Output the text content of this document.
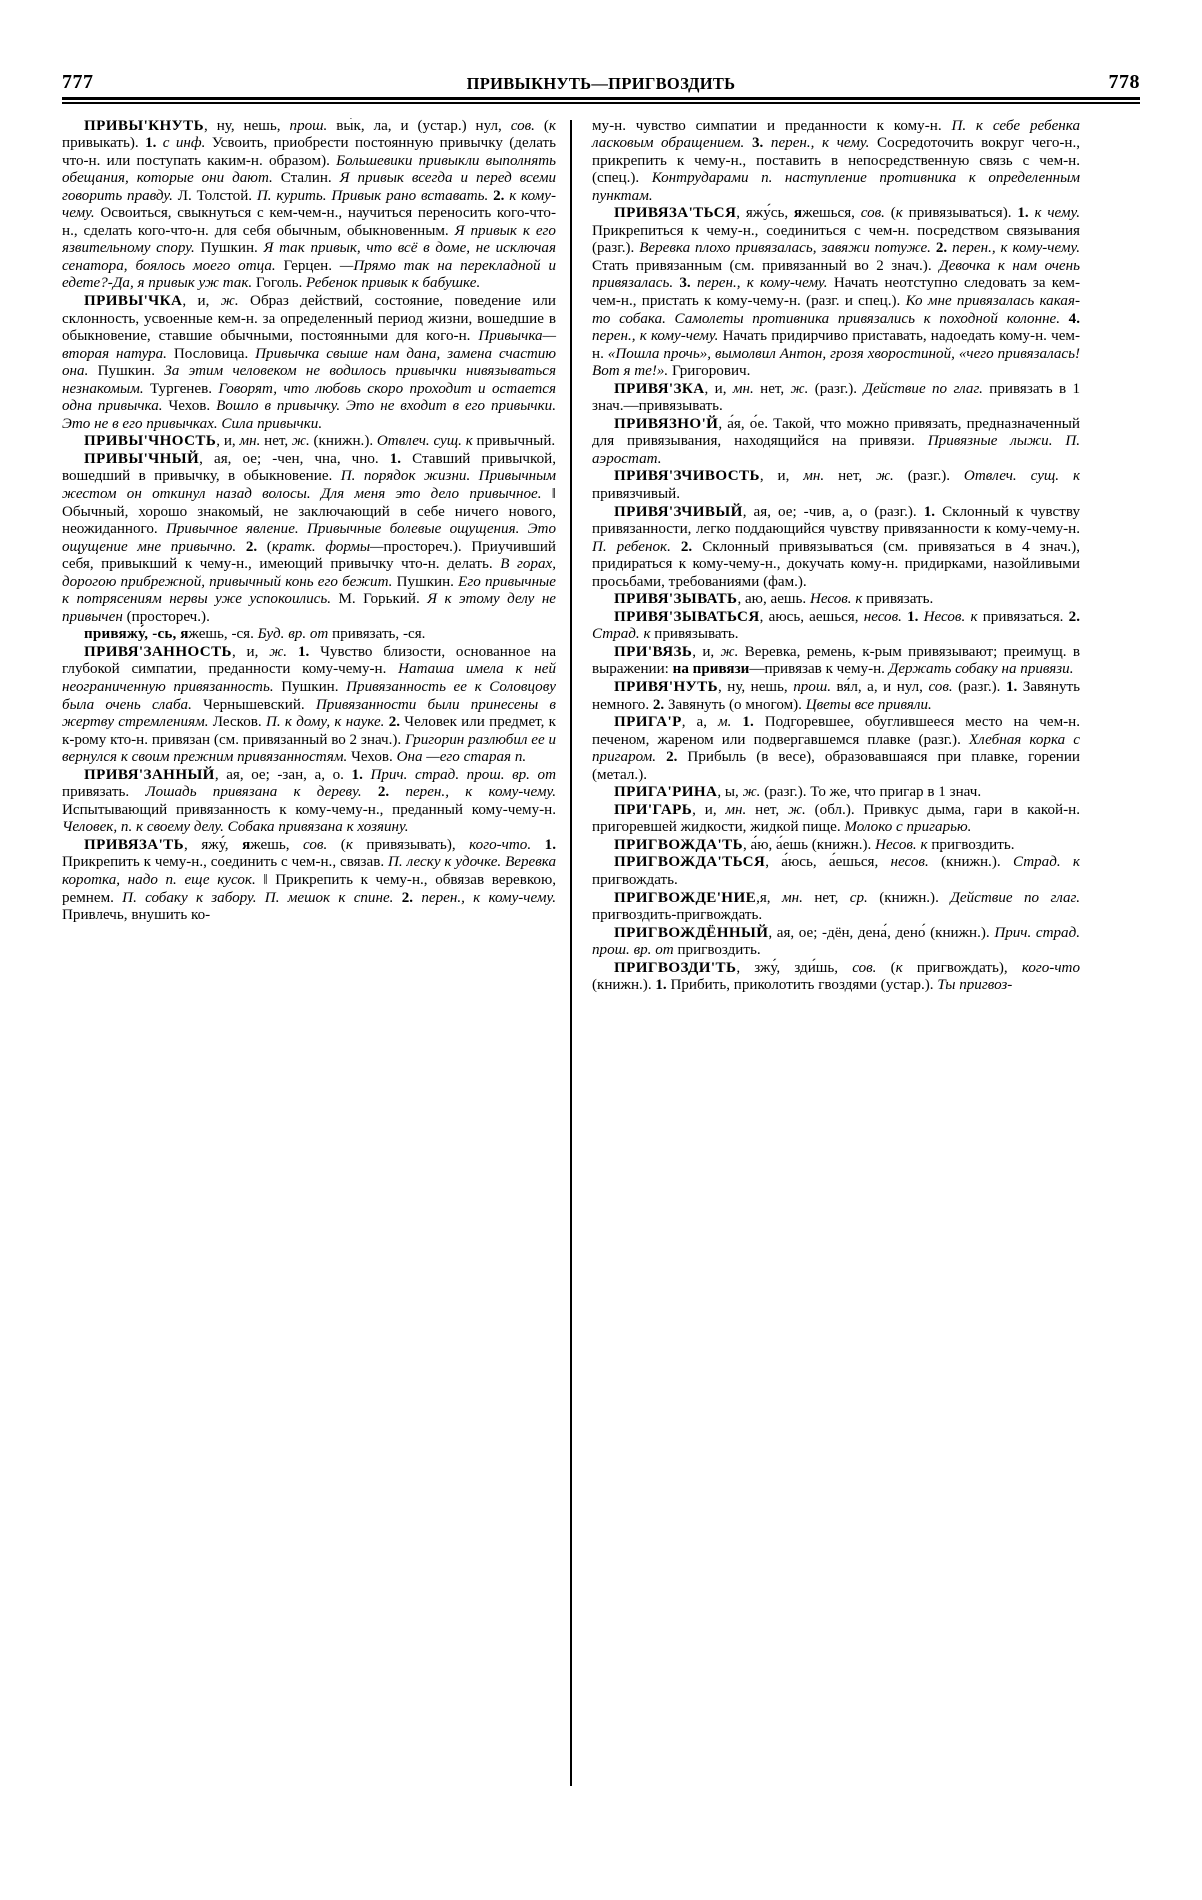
777	ПРИВЫКНУТЬ—ПРИГВОЗДИТЬ	778

ПРИВЫ'КНУТЬ, ну, нешь, прош. вы́к, ла, и (устар.) нул, сов. (к привыкать). 1. с инф. Усвоить, приобрести постоянную привычку (делать что-н. или поступать каким-н. образом). Большевики привыкли выполнять обещания, которые они дают. Сталин. Я привык всегда и перед всеми говорить правду. Л. Толстой. П. курить. Привык рано вставать. 2. к кому-чему. Освоиться, свыкнуться с кем-чем-н., научиться переносить кого-что-н., сделать кого-что-н. для себя обычным, обыкновенным. Я привык к его язвительному спору. Пушкин. Я так привык, что всё в доме, не исключая сенатора, боялось моего отца. Герцен. —Прямо так на перекладной и едете?-Да, я привык уж так. Гоголь. Ребенок привык к бабушке.

ПРИВЫ'ЧКА, и, ж. Образ действий, состояние, поведение или склонность, усвоенные кем-н. за определенный период жизни, вошедшие в обыкновение, ставшие обычными, постоянными для кого-н. Привычка—вторая натура. Пословица. Привычка свыше нам дана, замена счастию она. Пушкин. За этим человеком не водилось привычки нивязываться незнакомым. Тургенев. Говорят, что любовь скоро проходит и остается одна привычка. Чехов. Вошло в привычку. Это не входит в его привычки. Это не в его привычках. Сила привычки.

ПРИВЫ'ЧНОСТЬ, и, мн. нет, ж. (книжн.). Отвлеч. сущ. к привычный.

ПРИВЫ'ЧНЫЙ, ая, ое; -чен, чна, чно. 1. Ставший привычкой, вошедший в привычку, в обыкновение. П. порядок жизни. Привычным жестом он откинул назад волосы. Для меня это дело привычное. ‖ Обычный, хорошо знакомый, не заключающий в себе ничего нового, неожиданного. Привычное явление. Привычные болевые ощущения. Это ощущение мне привычно. 2. (кратк. формы—простореч.). Приучивший себя, привыкший к чему-н., имеющий привычку что-н. делать. В горах, дорогою прибрежной, привычный конь его бежит. Пушкин. Его привычные к потрясениям нервы уже успокоились. М. Горький. Я к этому делу не привычен (простореч.).

привяжу́, -сь, яжешь, -ся. Буд. вр. от привязать, -ся.

ПРИВЯ'ЗАННОСТЬ, и, ж. 1. Чувство близости, основанное на глубокой симпатии, преданности кому-чему-н. Наташа имела к ней неограниченную привязанность. Пушкин. Привязанность ее к Соловцову была очень слаба. Чернышевский. Привязанности были принесены в жертву стремлениям. Лесков. П. к дому, к науке. 2. Человек или предмет, к к-рому кто-н. привязан (см. привязанный во 2 знач.). Григорин разлюбил ее и вернулся к своим прежним привязанностям. Чехов. Она —его старая п.

ПРИВЯ'ЗАННЫЙ, ая, ое; -зан, а, о. 1. Прич. страд. прош. вр. от привязать. Лошадь привязана к дереву. 2. перен., к кому-чему. Испытывающий привязанность к кому-чему-н., преданный кому-чему-н. Человек, п. к своему делу. Собака привязана к хозяину.

ПРИВЯЗА'ТЬ, яжу́, яжешь, сов. (к привязывать), кого-что. 1. Прикрепить к чему-н., соединить с чем-н., связав. П. леску к удочке. Веревка коротка, надо п. еще кусок. ‖ Прикрепить к чему-н., обвязав веревкою, ремнем. П. собаку к забору. П. мешок к спине. 2. перен., к кому-чему. Привлечь, внушить ко-

му-н. чувство симпатии и преданности к кому-н. П. к себе ребенка ласковым обращением. 3. перен., к чему. Сосредоточить вокруг чего-н., прикрепить к чему-н., поставить в непосредственную связь с чем-н. (спец.). Контрударами п. наступление противника к определенным пунктам.

ПРИВЯЗА'ТЬСЯ, яжу́сь, яжешься, сов. (к привязываться). 1. к чему. Прикрепиться к чему-н., соединиться с чем-н. посредством связывания (разг.). Веревка плохо привязалась, завяжи потуже. 2. перен., к кому-чему. Стать привязанным (см. привязанный во 2 знач.). Девочка к нам очень привязалась. 3. перен., к кому-чему. Начать неотступно следовать за кем-чем-н., пристать к кому-чему-н. (разг. и спец.). Ко мне привязалась какая-то собака. Самолеты противника привязались к походной колонне. 4. перен., к кому-чему. Начать придирчиво приставать, надоедать кому-н. чем-н. «Пошла прочь», вымолвил Антон, грозя хворостиной, «чего привязалась! Вот я те!». Григорович.

ПРИВЯ'ЗКА, и, мн. нет, ж. (разг.). Действие по глаг. привязать в 1 знач.—привязывать.

ПРИВЯЗНО'Й, а́я, о́е. Такой, что можно привязать, предназначенный для привязывания, находящийся на привязи. Привязные лыжи. П. аэростат.

ПРИВЯ'ЗЧИВОСТЬ, и, мн. нет, ж. (разг.). Отвлеч. сущ. к привязчивый.

ПРИВЯ'ЗЧИВЫЙ, ая, ое; -чив, а, о (разг.). 1. Склонный к чувству привязанности, легко поддающийся чувству привязанности к кому-чему-н. П. ребенок. 2. Склонный привязываться (см. привязаться в 4 знач.), придираться к кому-чему-н., докучать кому-н. придирками, назойливыми просьбами, требованиями (фам.).

ПРИВЯ'ЗЫВАТЬ, аю, аешь. Несов. к привязать.

ПРИВЯ'ЗЫВАТЬСЯ, аюсь, аешься, несов. 1. Несов. к привязаться. 2. Страд. к привязывать.

ПРИ'ВЯЗЬ, и, ж. Веревка, ремень, к-рым привязывают; преимущ. в выражении: на привязи—привязав к чему-н. Держать собаку на привязи.

ПРИВЯ'НУТЬ, ну, нешь, прош. вя́л, а, и нул, сов. (разг.). 1. Завянуть немного. 2. Завянуть (о многом). Цветы все привяли.

ПРИГА'Р, а, м. 1. Подгоревшее, обуглившееся место на чем-н. печеном, жареном или подвергавшемся плавке (разг.). Хлебная корка с пригаром. 2. Прибыль (в весе), образовавшаяся при плавке, горении (метал.).

ПРИГА'РИНА, ы, ж. (разг.). То же, что пригар в 1 знач.

ПРИ'ГАРЬ, и, мн. нет, ж. (обл.). Привкус дыма, гари в какой-н. пригоревшей жидкости, жидкой пище. Молоко с пригарью.

ПРИГВОЖДА'ТЬ, а́ю, а́ешь (книжн.). Несов. к пригвоздить.

ПРИГВОЖДА'ТЬСЯ, а́юсь, а́ешься, несов. (книжн.). Страд. к пригвождать.

ПРИГВОЖДЕ'НИЕ,я, мн. нет, ср. (книжн.). Действие по глаг. пригвоздить-пригвождать.

ПРИГВОЖДЁННЫЙ, ая, ое; -дён, дена́, дено́ (книжн.). Прич. страд. прош. вр. от пригвоздить.

ПРИГВОЗДИ'ТЬ, зжу́, зди́шь, сов. (к пригвождать), кого-что (книжн.). 1. Прибить, приколотить гвоздями (устар.). Ты пригвоз-
